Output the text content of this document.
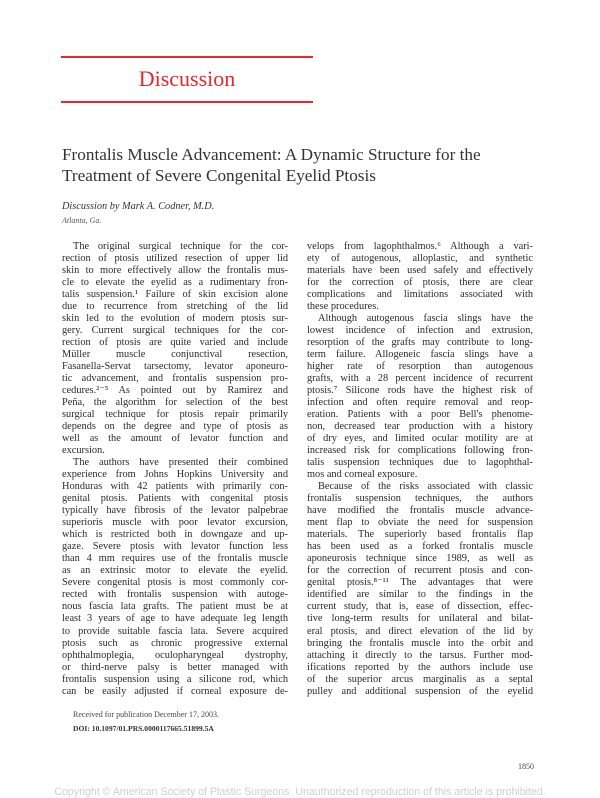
Discussion
Frontalis Muscle Advancement: A Dynamic Structure for the
Treatment of Severe Congenital Eyelid Ptosis
Discussion by Mark A. Codner, M.D.
Atlanta, Ga.
The original surgical technique for the cor-
rection of ptosis utilized resection of upper lid
skin to more effectively allow the frontalis mus-
cle to elevate the eyelid as a rudimentary fron-
talis suspension.¹ Failure of skin excision alone
due to recurrence from stretching of the lid
skin led to the evolution of modern ptosis sur-
gery. Current surgical techniques for the cor-
rection of ptosis are quite varied and include
Müller muscle conjunctival resection,
Fasanella-Servat tarsectomy, levator aponeuro-
tic advancement, and frontalis suspension pro-
cedures.²⁻⁵ As pointed out by Ramirez and
Peña, the algorithm for selection of the best
surgical technique for ptosis repair primarily
depends on the degree and type of ptosis as
well as the amount of levator function and
excursion.
The authors have presented their combined
experience from Johns Hopkins University and
Honduras with 42 patients with primarily con-
genital ptosis. Patients with congenital ptosis
typically have fibrosis of the levator palpebrae
superioris muscle with poor levator excursion,
which is restricted both in downgaze and up-
gaze. Severe ptosis with levator function less
than 4 mm requires use of the frontalis muscle
as an extrinsic motor to elevate the eyelid.
Severe congenital ptosis is most commonly cor-
rected with frontalis suspension with autoge-
nous fascia lata grafts. The patient must be at
least 3 years of age to have adequate leg length
to provide suitable fascia lata. Severe acquired
ptosis such as chronic progressive external
ophthalmoplegia, oculopharyngeal dystrophy,
or third-nerve palsy is better managed with
frontalis suspension using a silicone rod, which
can be easily adjusted if corneal exposure de-
velops from lagophthalmos.⁶ Although a vari-
ety of autogenous, alloplastic, and synthetic
materials have been used safely and effectively
for the correction of ptosis, there are clear
complications and limitations associated with
these procedures.
Although autogenous fascia slings have the
lowest incidence of infection and extrusion,
resorption of the grafts may contribute to long-
term failure. Allogeneic fascia slings have a
higher rate of resorption than autogenous
grafts, with a 28 percent incidence of recurrent
ptosis.⁷ Silicone rods have the highest risk of
infection and often require removal and reop-
eration. Patients with a poor Bell's phenome-
non, decreased tear production with a history
of dry eyes, and limited ocular motility are at
increased risk for complications following fron-
talis suspension techniques due to lagophthal-
mos and corneal exposure.
Because of the risks associated with classic
frontalis suspension techniques, the authors
have modified the frontalis muscle advance-
ment flap to obviate the need for suspension
materials. The superiorly based frontalis flap
has been used as a forked frontalis muscle
aponeurosis technique since 1989, as well as
for the correction of recurrent ptosis and con-
genital ptosis.⁸⁻¹¹ The advantages that were
identified are similar to the findings in the
current study, that is, ease of dissection, effec-
tive long-term results for unilateral and bilat-
eral ptosis, and direct elevation of the lid by
bringing the frontalis muscle into the orbit and
attaching it directly to the tarsus. Further mod-
ifications reported by the authors include use
of the superior arcus marginalis as a septal
pulley and additional suspension of the eyelid
Received for publication December 17, 2003.
DOI: 10.1097/01.PRS.0000117665.51899.5A
1850
Copyright © American Society of Plastic Surgeons. Unauthorized reproduction of this article is prohibited.
